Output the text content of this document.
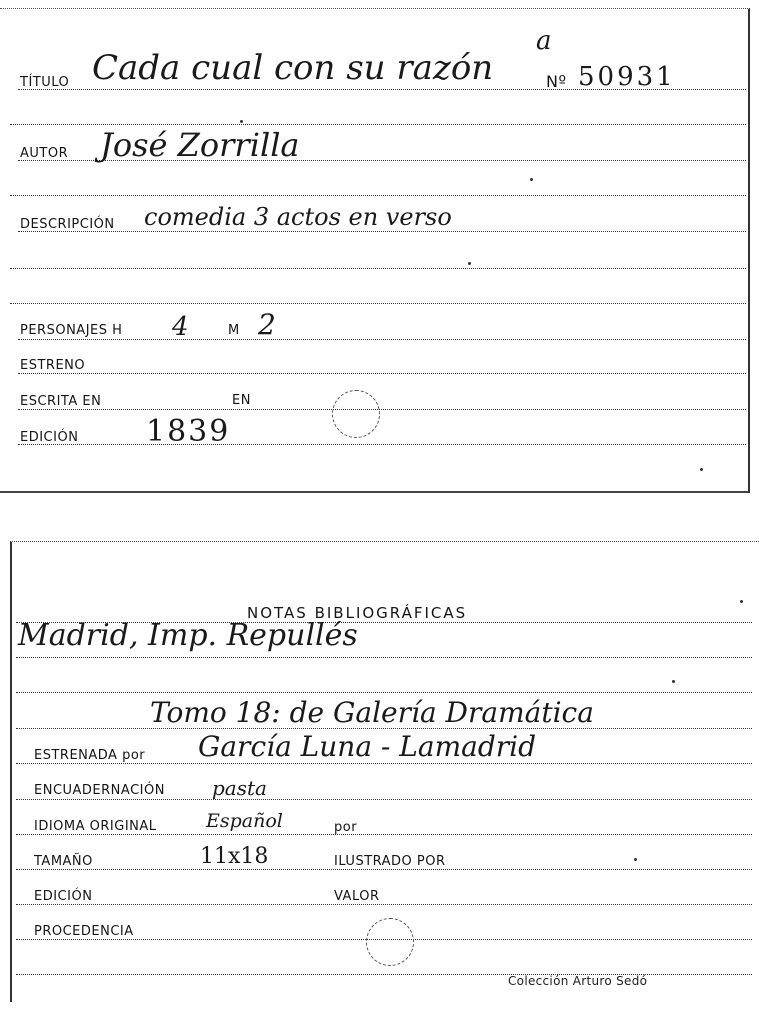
TÍTULO Cada cual con su razón
a
Nº 50931
AUTOR José Zorrilla
DESCRIPCIÓN comedia 3 actos en verso
PERSONAJES H 4	M 2
ESTRENO
ESCRITA EN	EN
EDICIÓN 1839
NOTAS BIBLIOGRÁFICAS
Madrid, Imp. Repullés
Tomo 18: de Galería Dramática
ESTRENADA por García Luna - Lamadrid
ENCUADERNACIÓN pasta
IDIOMA ORIGINAL	Español	por
TAMAÑO	11x18	ILUSTRADO POR
EDICIÓN	VALOR
PROCEDENCIA
Colección Arturo Sedó
